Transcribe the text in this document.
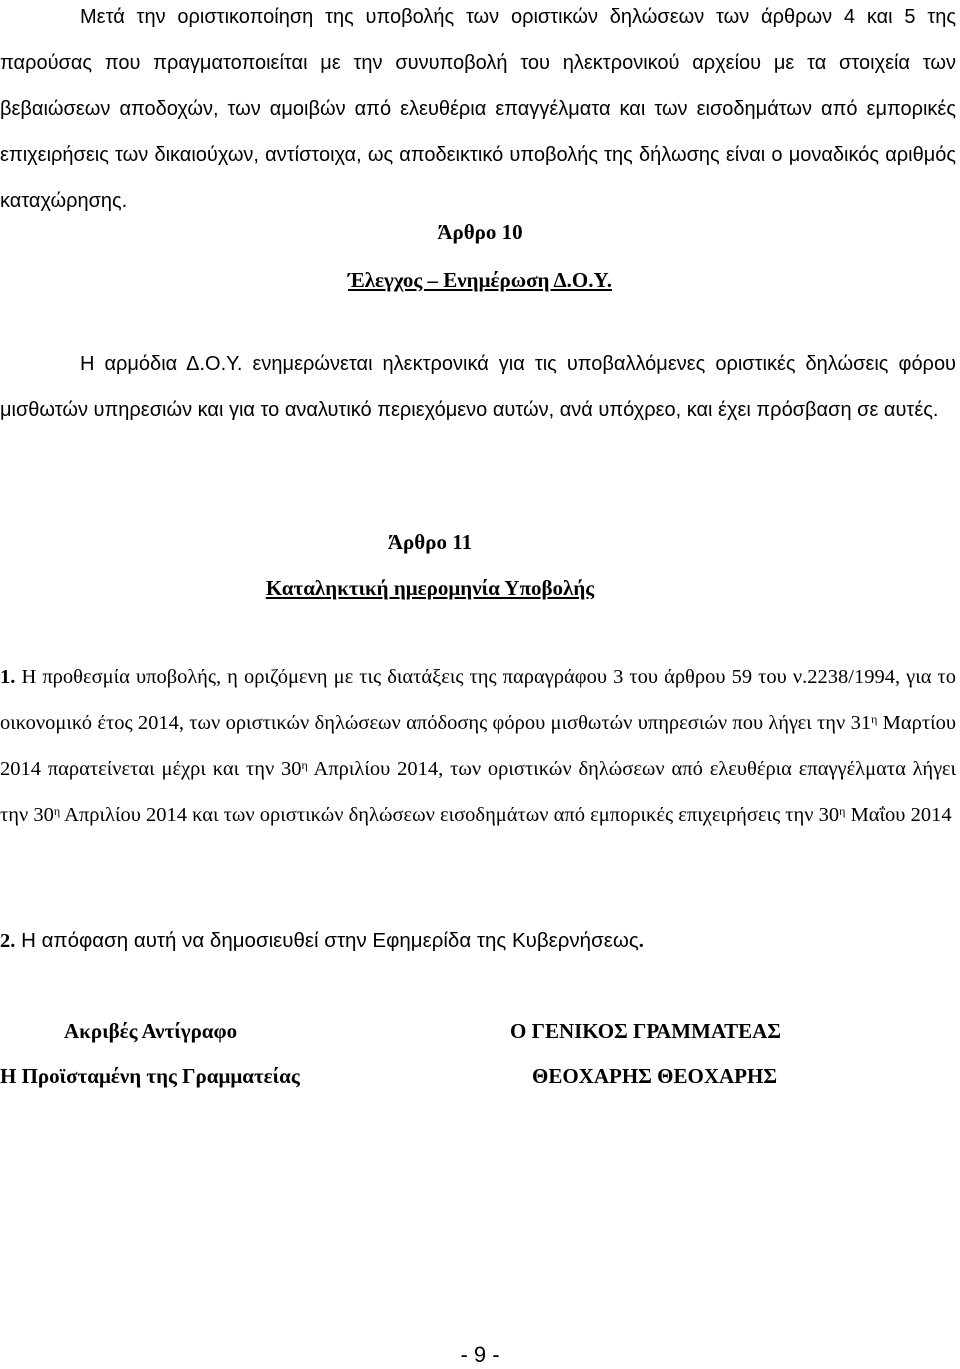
Μετά την οριστικοποίηση της υποβολής των οριστικών δηλώσεων των άρθρων 4 και 5 της παρούσας που πραγματοποιείται με την συνυποβολή του ηλεκτρονικού αρχείου με τα στοιχεία των βεβαιώσεων αποδοχών, των αμοιβών από ελευθέρια επαγγέλματα και των εισοδημάτων από εμπορικές επιχειρήσεις των δικαιούχων, αντίστοιχα, ως αποδεικτικό υποβολής της δήλωσης είναι ο μοναδικός αριθμός καταχώρησης.
Άρθρο 10
Έλεγχος – Ενημέρωση Δ.Ο.Υ.
Η αρμόδια Δ.Ο.Υ. ενημερώνεται ηλεκτρονικά για τις υποβαλλόμενες οριστικές δηλώσεις φόρου μισθωτών υπηρεσιών και για το αναλυτικό περιεχόμενο αυτών, ανά υπόχρεο, και έχει πρόσβαση σε αυτές.
Άρθρο 11
Καταληκτική ημερομηνία Υποβολής
1. Η προθεσμία υποβολής, η οριζόμενη με τις διατάξεις της παραγράφου 3 του άρθρου 59 του ν.2238/1994, για το οικονομικό έτος 2014, των οριστικών δηλώσεων απόδοσης φόρου μισθωτών υπηρεσιών που λήγει την $31^\eta$ Μαρτίου 2014 παρατείνεται μέχρι και την $30^\eta$ Απριλίου 2014, των οριστικών δηλώσεων από ελευθέρια επαγγέλματα λήγει την $30^\eta$ Απριλίου 2014 και των οριστικών δηλώσεων εισοδημάτων από εμπορικές επιχειρήσεις την $30^\eta$ Μαΐου 2014
2. Η απόφαση αυτή να δημοσιευθεί στην Εφημερίδα της Κυβερνήσεως.
Ακριβές Αντίγραφο
Η Προϊσταμένη της Γραμματείας
Ο ΓΕΝΙΚΟΣ ΓΡΑΜΜΑΤΕΑΣ
ΘΕΟΧΑΡΗΣ ΘΕΟΧΑΡΗΣ
- 9 -
